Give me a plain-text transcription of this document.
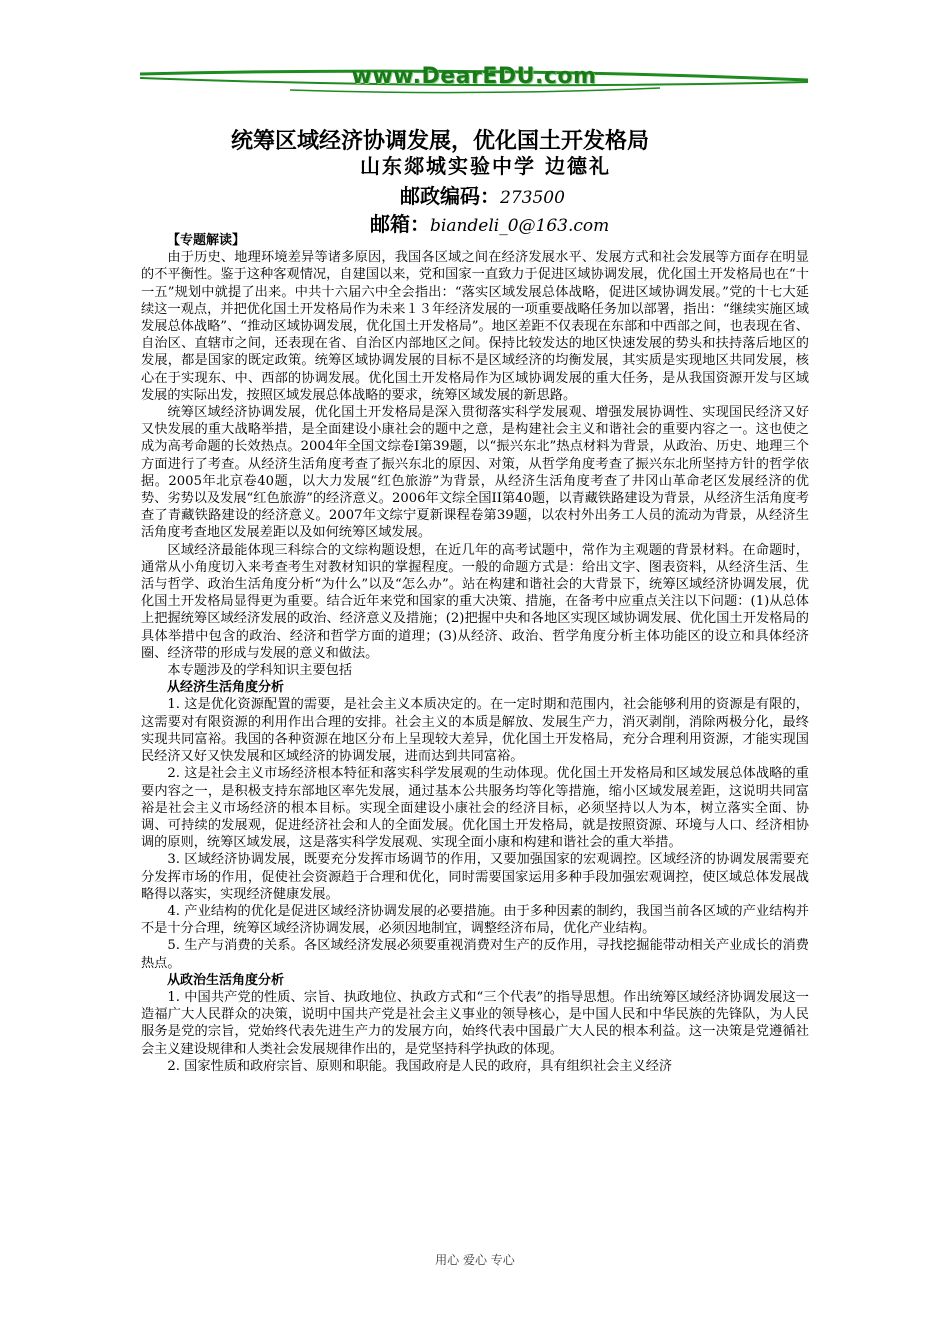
www.DearEDU.com
统筹区域经济协调发展，优化国土开发格局
山东郯城实验中学 边德礼
邮政编码：273500
邮箱：biandeli_0@163.com

【专题解读】

由于历史、地理环境差异等诸多原因，我国各区域之间在经济发展水平、发展方式和社会发展等方面存在明显的不平衡性。鉴于这种客观情况，自建国以来，党和国家一直致力于促进区域协调发展，优化国土开发格局也在“十一五”规划中就提了出来。中共十六届六中全会指出：“落实区域发展总体战略，促进区域协调发展。”党的十七大延续这一观点，并把优化国土开发格局作为未来１３年经济发展的一项重要战略任务加以部署，指出：“继续实施区域发展总体战略”、“推动区域协调发展，优化国土开发格局”。地区差距不仅表现在东部和中西部之间，也表现在省、自治区、直辖市之间，还表现在省、自治区内部地区之间。保持比较发达的地区快速发展的势头和扶持落后地区的发展，都是国家的既定政策。统筹区域协调发展的目标不是区域经济的均衡发展，其实质是实现地区共同发展，核心在于实现东、中、西部的协调发展。优化国土开发格局作为区域协调发展的重大任务，是从我国资源开发与区域发展的实际出发，按照区域发展总体战略的要求，统筹区域发展的新思路。

统筹区域经济协调发展，优化国土开发格局是深入贯彻落实科学发展观、增强发展协调性、实现国民经济又好又快发展的重大战略举措，是全面建设小康社会的题中之意，是构建社会主义和谐社会的重要内容之一。这也使之成为高考命题的长效热点。2004年全国文综卷Ⅰ第39题，以“振兴东北”热点材料为背景，从政治、历史、地理三个方面进行了考查。从经济生活角度考查了振兴东北的原因、对策，从哲学角度考查了振兴东北所坚持方针的哲学依据。2005年北京卷40题，以大力发展“红色旅游”为背景，从经济生活角度考查了井冈山革命老区发展经济的优势、劣势以及发展“红色旅游”的经济意义。2006年文综全国II第40题，以青藏铁路建设为背景，从经济生活角度考查了青藏铁路建设的经济意义。2007年文综宁夏新课程卷第39题，以农村外出务工人员的流动为背景，从经济生活角度考查地区发展差距以及如何统筹区域发展。

区域经济最能体现三科综合的文综构题设想，在近几年的高考试题中，常作为主观题的背景材料。在命题时，通常从小角度切入来考查考生对教材知识的掌握程度。一般的命题方式是：给出文字、图表资料，从经济生活、生活与哲学、政治生活角度分析“为什么”以及“怎么办”。站在构建和谐社会的大背景下，统筹区域经济协调发展，优化国土开发格局显得更为重要。结合近年来党和国家的重大决策、措施，在备考中应重点关注以下问题：(1)从总体上把握统筹区域经济发展的政治、经济意义及措施；(2)把握中央和各地区实现区域协调发展、优化国土开发格局的具体举措中包含的政治、经济和哲学方面的道理；(3)从经济、政治、哲学角度分析主体功能区的设立和具体经济圈、经济带的形成与发展的意义和做法。

本专题涉及的学科知识主要包括

从经济生活角度分析

1. 这是优化资源配置的需要，是社会主义本质决定的。在一定时期和范围内，社会能够利用的资源是有限的，这需要对有限资源的利用作出合理的安排。社会主义的本质是解放、发展生产力，消灭剥削，消除两极分化，最终实现共同富裕。我国的各种资源在地区分布上呈现较大差异，优化国土开发格局，充分合理利用资源，才能实现国民经济又好又快发展和区域经济的协调发展，进而达到共同富裕。

2. 这是社会主义市场经济根本特征和落实科学发展观的生动体现。优化国土开发格局和区域发展总体战略的重要内容之一，是积极支持东部地区率先发展，通过基本公共服务均等化等措施，缩小区域发展差距，这说明共同富裕是社会主义市场经济的根本目标。实现全面建设小康社会的经济目标，必须坚持以人为本，树立落实全面、协调、可持续的发展观，促进经济社会和人的全面发展。优化国土开发格局，就是按照资源、环境与人口、经济相协调的原则，统筹区域发展，这是落实科学发展观、实现全面小康和构建和谐社会的重大举措。

3. 区域经济协调发展，既要充分发挥市场调节的作用，又要加强国家的宏观调控。区域经济的协调发展需要充分发挥市场的作用，促使社会资源趋于合理和优化，同时需要国家运用多种手段加强宏观调控，使区域总体发展战略得以落实，实现经济健康发展。

4. 产业结构的优化是促进区域经济协调发展的必要措施。由于多种因素的制约，我国当前各区域的产业结构并不是十分合理，统筹区域经济协调发展，必须因地制宜，调整经济布局，优化产业结构。

5. 生产与消费的关系。各区域经济发展必须要重视消费对生产的反作用，寻找挖掘能带动相关产业成长的消费热点。

从政治生活角度分析

1. 中国共产党的性质、宗旨、执政地位、执政方式和“三个代表”的指导思想。作出统筹区域经济协调发展这一造福广大人民群众的决策，说明中国共产党是社会主义事业的领导核心，是中国人民和中华民族的先锋队，为人民服务是党的宗旨，党始终代表先进生产力的发展方向，始终代表中国最广大人民的根本利益。这一决策是党遵循社会主义建设规律和人类社会发展规律作出的，是党坚持科学执政的体现。

2. 国家性质和政府宗旨、原则和职能。我国政府是人民的政府，具有组织社会主义经济

用心 爱心 专心
